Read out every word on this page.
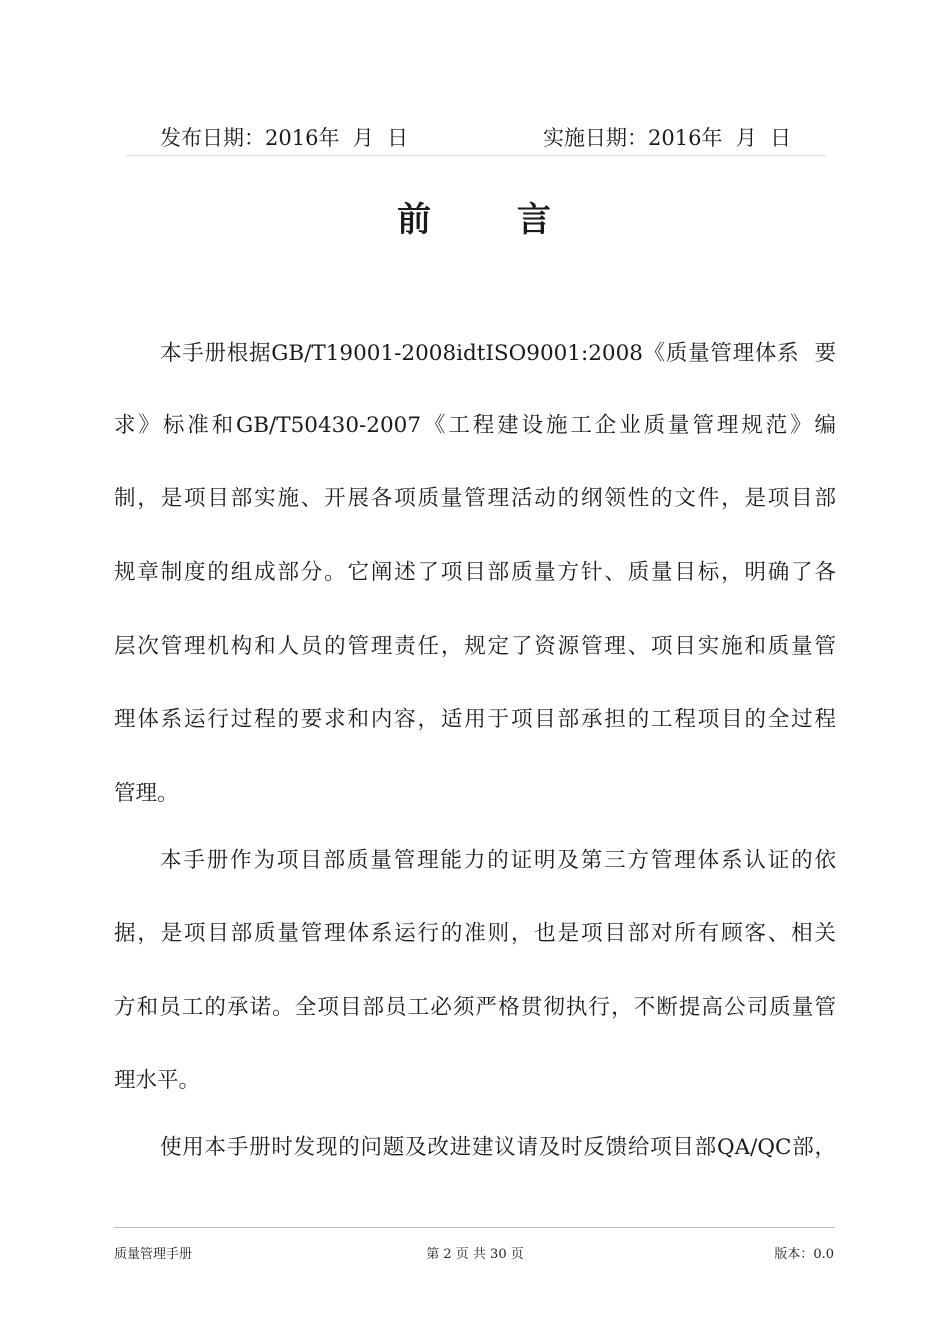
发布日期：2016年  月  日	实施日期：2016年  月  日
前  言
本手册根据GB/T19001-2008idtISO9001:2008《质量管理体系  要
求》标准和GB/T50430-2007《工程建设施工企业质量管理规范》编
制，是项目部实施、开展各项质量管理活动的纲领性的文件，是项目部
规章制度的组成部分。它阐述了项目部质量方针、质量目标，明确了各
层次管理机构和人员的管理责任，规定了资源管理、项目实施和质量管
理体系运行过程的要求和内容，适用于项目部承担的工程项目的全过程
管理。
本手册作为项目部质量管理能力的证明及第三方管理体系认证的依
据，是项目部质量管理体系运行的准则，也是项目部对所有顾客、相关
方和员工的承诺。全项目部员工必须严格贯彻执行，不断提高公司质量管
理水平。
使用本手册时发现的问题及改进建议请及时反馈给项目部QA/QC部，
质量管理手册	第 2 页 共 30 页	版本：0.0
